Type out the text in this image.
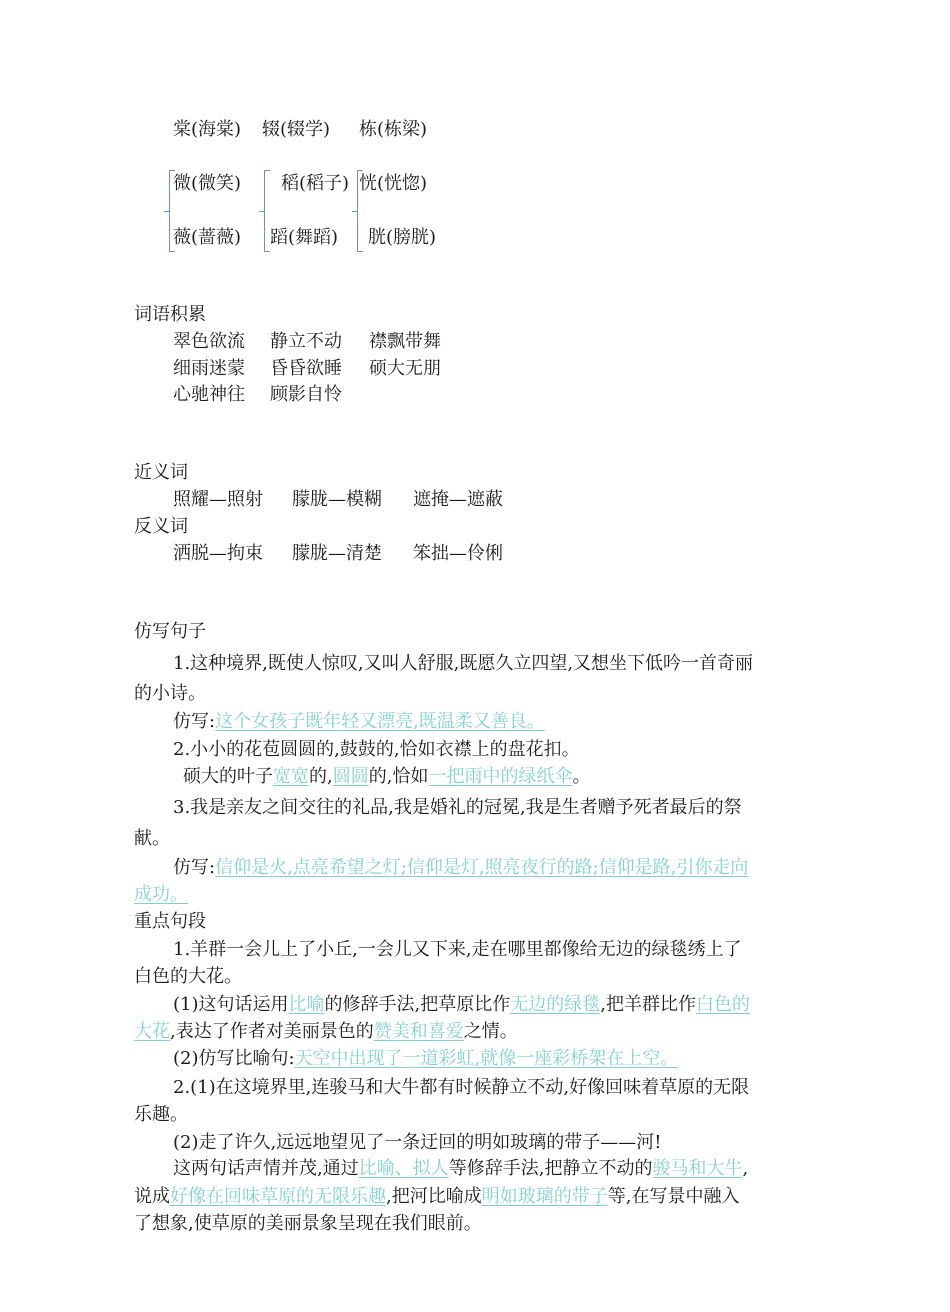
棠(海棠) 辍(辍学) 栋(栋梁)
微(微笑) 稻(稻子) 恍(恍惚)
薇(蔷薇) 蹈(舞蹈) 胱(膀胱)
词语积累
翠色欲流 静立不动 襟飘带舞
细雨迷蒙 昏昏欲睡 硕大无朋
心驰神往 顾影自怜
近义词
照耀—照射 朦胧—模糊 遮掩—遮蔽
反义词
洒脱—拘束 朦胧—清楚 笨拙—伶俐
仿写句子
1.这种境界,既使人惊叹,又叫人舒服,既愿久立四望,又想坐下低吟一首奇丽
的小诗。
仿写:这个女孩子既年轻又漂亮,既温柔又善良。
2.小小的花苞圆圆的,鼓鼓的,恰如衣襟上的盘花扣。
硕大的叶子宽宽的,圆圆的,恰如一把雨中的绿纸伞。
3.我是亲友之间交往的礼品,我是婚礼的冠冕,我是生者赠予死者最后的祭
献。
仿写:信仰是火,点亮希望之灯;信仰是灯,照亮夜行的路;信仰是路,引你走向
成功。
重点句段
1.羊群一会儿上了小丘,一会儿又下来,走在哪里都像给无边的绿毯绣上了
白色的大花。
(1)这句话运用比喻的修辞手法,把草原比作无边的绿毯,把羊群比作白色的
大花,表达了作者对美丽景色的赞美和喜爱之情。
(2)仿写比喻句:天空中出现了一道彩虹,就像一座彩桥架在上空。
2.(1)在这境界里,连骏马和大牛都有时候静立不动,好像回味着草原的无限
乐趣。
(2)走了许久,远远地望见了一条迂回的明如玻璃的带子——河!
这两句话声情并茂,通过比喻、拟人等修辞手法,把静立不动的骏马和大牛,
说成好像在回味草原的无限乐趣,把河比喻成明如玻璃的带子等,在写景中融入
了想象,使草原的美丽景象呈现在我们眼前。
